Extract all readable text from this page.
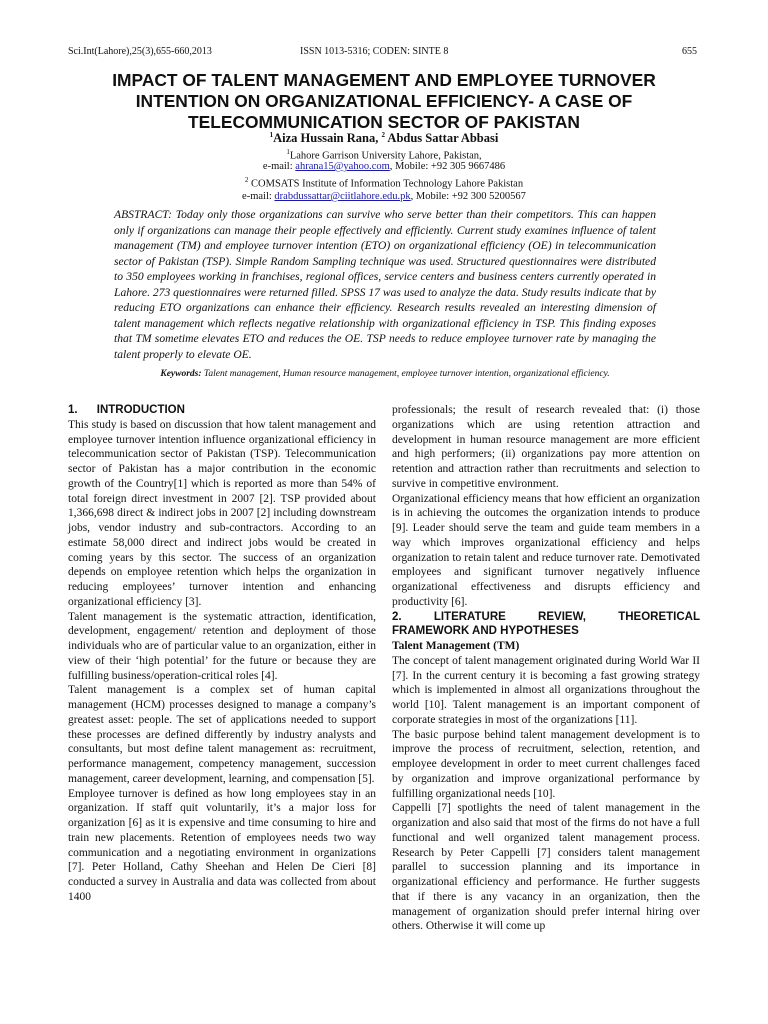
Sci.Int(Lahore),25(3),655-660,2013	ISSN 1013-5316; CODEN: SINTE 8	655
IMPACT OF TALENT MANAGEMENT AND EMPLOYEE TURNOVER INTENTION ON ORGANIZATIONAL EFFICIENCY- A CASE OF TELECOMMUNICATION SECTOR OF PAKISTAN
$^1$Aiza Hussain Rana, $^2$ Abdus Sattar Abbasi
$^1$Lahore Garrison University Lahore, Pakistan,
e-mail: ahrana15@yahoo.com, Mobile: +92 305 9667486
$^2$ COMSATS Institute of Information Technology Lahore Pakistan
e-mail: drabdussattar@ciitlahore.edu.pk, Mobile: +92 300 5200567

ABSTRACT: Today only those organizations can survive who serve better than their competitors. This can happen only if organizations can manage their people effectively and efficiently. Current study examines influence of talent management (TM) and employee turnover intention (ETO) on organizational efficiency (OE) in telecommunication sector of Pakistan (TSP). Simple Random Sampling technique was used. Structured questionnaires were distributed to 350 employees working in franchises, regional offices, service centers and business centers currently operated in Lahore. 273 questionnaires were returned filled. SPSS 17 was used to analyze the data. Study results indicate that by reducing ETO organizations can enhance their efficiency. Research results revealed an interesting dimension of talent management which reflects negative relationship with organizational efficiency in TSP. This finding exposes that TM sometime elevates ETO and reduces the OE. TSP needs to reduce employee turnover rate by managing the talent properly to elevate OE.

Keywords: Talent management, Human resource management, employee turnover intention, organizational efficiency.
1.      INTRODUCTION

This study is based on discussion that how talent management and employee turnover intention influence organizational efficiency in telecommunication sector of Pakistan (TSP). Telecommunication sector of Pakistan has a major contribution in the economic growth of the Country[1] which is reported as more than 54% of total foreign direct investment in 2007 [2]. TSP provided about 1,366,698 direct & indirect jobs in 2007 [2] including downstream jobs, vendor industry and sub-contractors. According to an estimate 58,000 direct and indirect jobs would be created in coming years by this sector. The success of an organization depends on employee retention which helps the organization in reducing employees’ turnover intention and enhancing organizational efficiency [3].

Talent management is the systematic attraction, identification, development, engagement/ retention and deployment of those individuals who are of particular value to an organization, either in view of their ‘high potential’ for the future or because they are fulfilling business/operation-critical roles [4].

Talent management is a complex set of human capital management (HCM) processes designed to manage a company’s greatest asset: people. The set of applications needed to support these processes are defined differently by industry analysts and consultants, but most define talent management as: recruitment, performance management, competency management, succession management, career development, learning, and compensation [5].

Employee turnover is defined as how long employees stay in an organization. If staff quit voluntarily, it’s a major loss for organization [6] as it is expensive and time consuming to hire and train new placements. Retention of employees needs two way communication and a negotiating environment in organizations [7]. Peter Holland, Cathy Sheehan and Helen De Cieri [8] conducted a survey in Australia and data was collected from about 1400

professionals; the result of research revealed that: (i) those organizations which are using retention attraction and development in human resource management are more efficient and high performers; (ii) organizations pay more attention on retention and attraction rather than recruitments and selection to survive in competitive environment.

Organizational efficiency means that how efficient an organization is in achieving the outcomes the organization intends to produce [9]. Leader should serve the team and guide team members in a way which improves organizational efficiency and helps organization to retain talent and reduce turnover rate. Demotivated employees and significant turnover negatively influence organizational effectiveness and disrupts efficiency and productivity [6].

2.    LITERATURE    REVIEW,    THEORETICAL FRAMEWORK AND HYPOTHESES
Talent Management (TM)

The concept of talent management originated during World War II [7]. In the current century it is becoming a fast growing strategy which is implemented in almost all organizations throughout the world [10]. Talent management is an important component of corporate strategies in most of the organizations [11].

The basic purpose behind talent management development is to improve the process of recruitment, selection, retention, and employee development in order to meet current challenges faced by organization and improve organizational performance by fulfilling organizational needs [10].

Cappelli [7] spotlights the need of talent management in the organization and also said that most of the firms do not have a full functional and well organized talent management process. Research by Peter Cappelli [7] considers talent management parallel to succession planning and its importance in organizational efficiency and performance. He further suggests that if there is any vacancy in an organization, then the management of organization should prefer internal hiring over others. Otherwise it will come up
